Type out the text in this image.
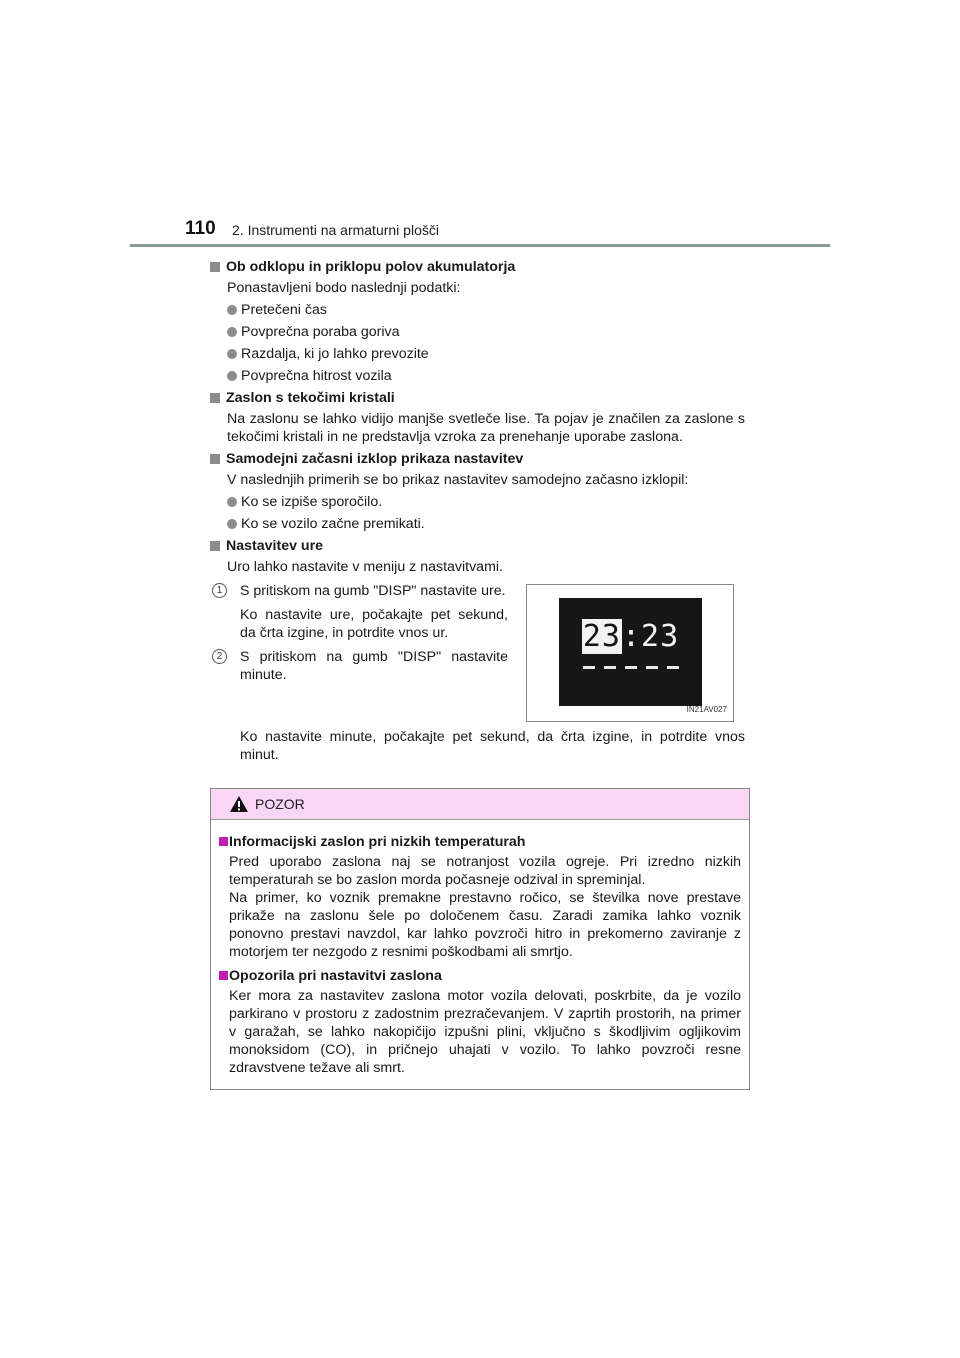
110 2. Instrumenti na armaturni plošči
Ob odklopu in priklopu polov akumulatorja
Ponastavljeni bodo naslednji podatki:
Pretečeni čas
Povprečna poraba goriva
Razdalja, ki jo lahko prevozite
Povprečna hitrost vozila
Zaslon s tekočimi kristali
Na zaslonu se lahko vidijo manjše svetleče lise. Ta pojav je značilen za zaslone s tekočimi kristali in ne predstavlja vzroka za prenehanje uporabe zaslona.
Samodejni začasni izklop prikaza nastavitev
V naslednjih primerih se bo prikaz nastavitev samodejno začasno izklopil:
Ko se izpiše sporočilo.
Ko se vozilo začne premikati.
Nastavitev ure
Uro lahko nastavite v meniju z nastavitvami.
1	S pritiskom na gumb "DISP" nastavite ure.
Ko nastavite ure, počakajte pet sekund, da črta izgine, in potrdite vnos ur.
2	S pritiskom na gumb "DISP" nastavite minute.
23:23
IN21AV027
Ko nastavite minute, počakajte pet sekund, da črta izgine, in potrdite vnos minut.
POZOR
Informacijski zaslon pri nizkih temperaturah
Pred uporabo zaslona naj se notranjost vozila ogreje. Pri izredno nizkih temperaturah se bo zaslon morda počasneje odzival in spreminjal.
Na primer, ko voznik premakne prestavno ročico, se številka nove prestave prikaže na zaslonu šele po določenem času. Zaradi zamika lahko voznik ponovno prestavi navzdol, kar lahko povzroči hitro in prekomerno zaviranje z motorjem ter nezgodo z resnimi poškodbami ali smrtjo.
Opozorila pri nastavitvi zaslona
Ker mora za nastavitev zaslona motor vozila delovati, poskrbite, da je vozilo parkirano v prostoru z zadostnim prezračevanjem. V zaprtih prostorih, na primer v garažah, se lahko nakopičijo izpušni plini, vključno s škodljivim ogljikovim monoksidom (CO), in pričnejo uhajati v vozilo. To lahko povzroči resne zdravstvene težave ali smrt.
